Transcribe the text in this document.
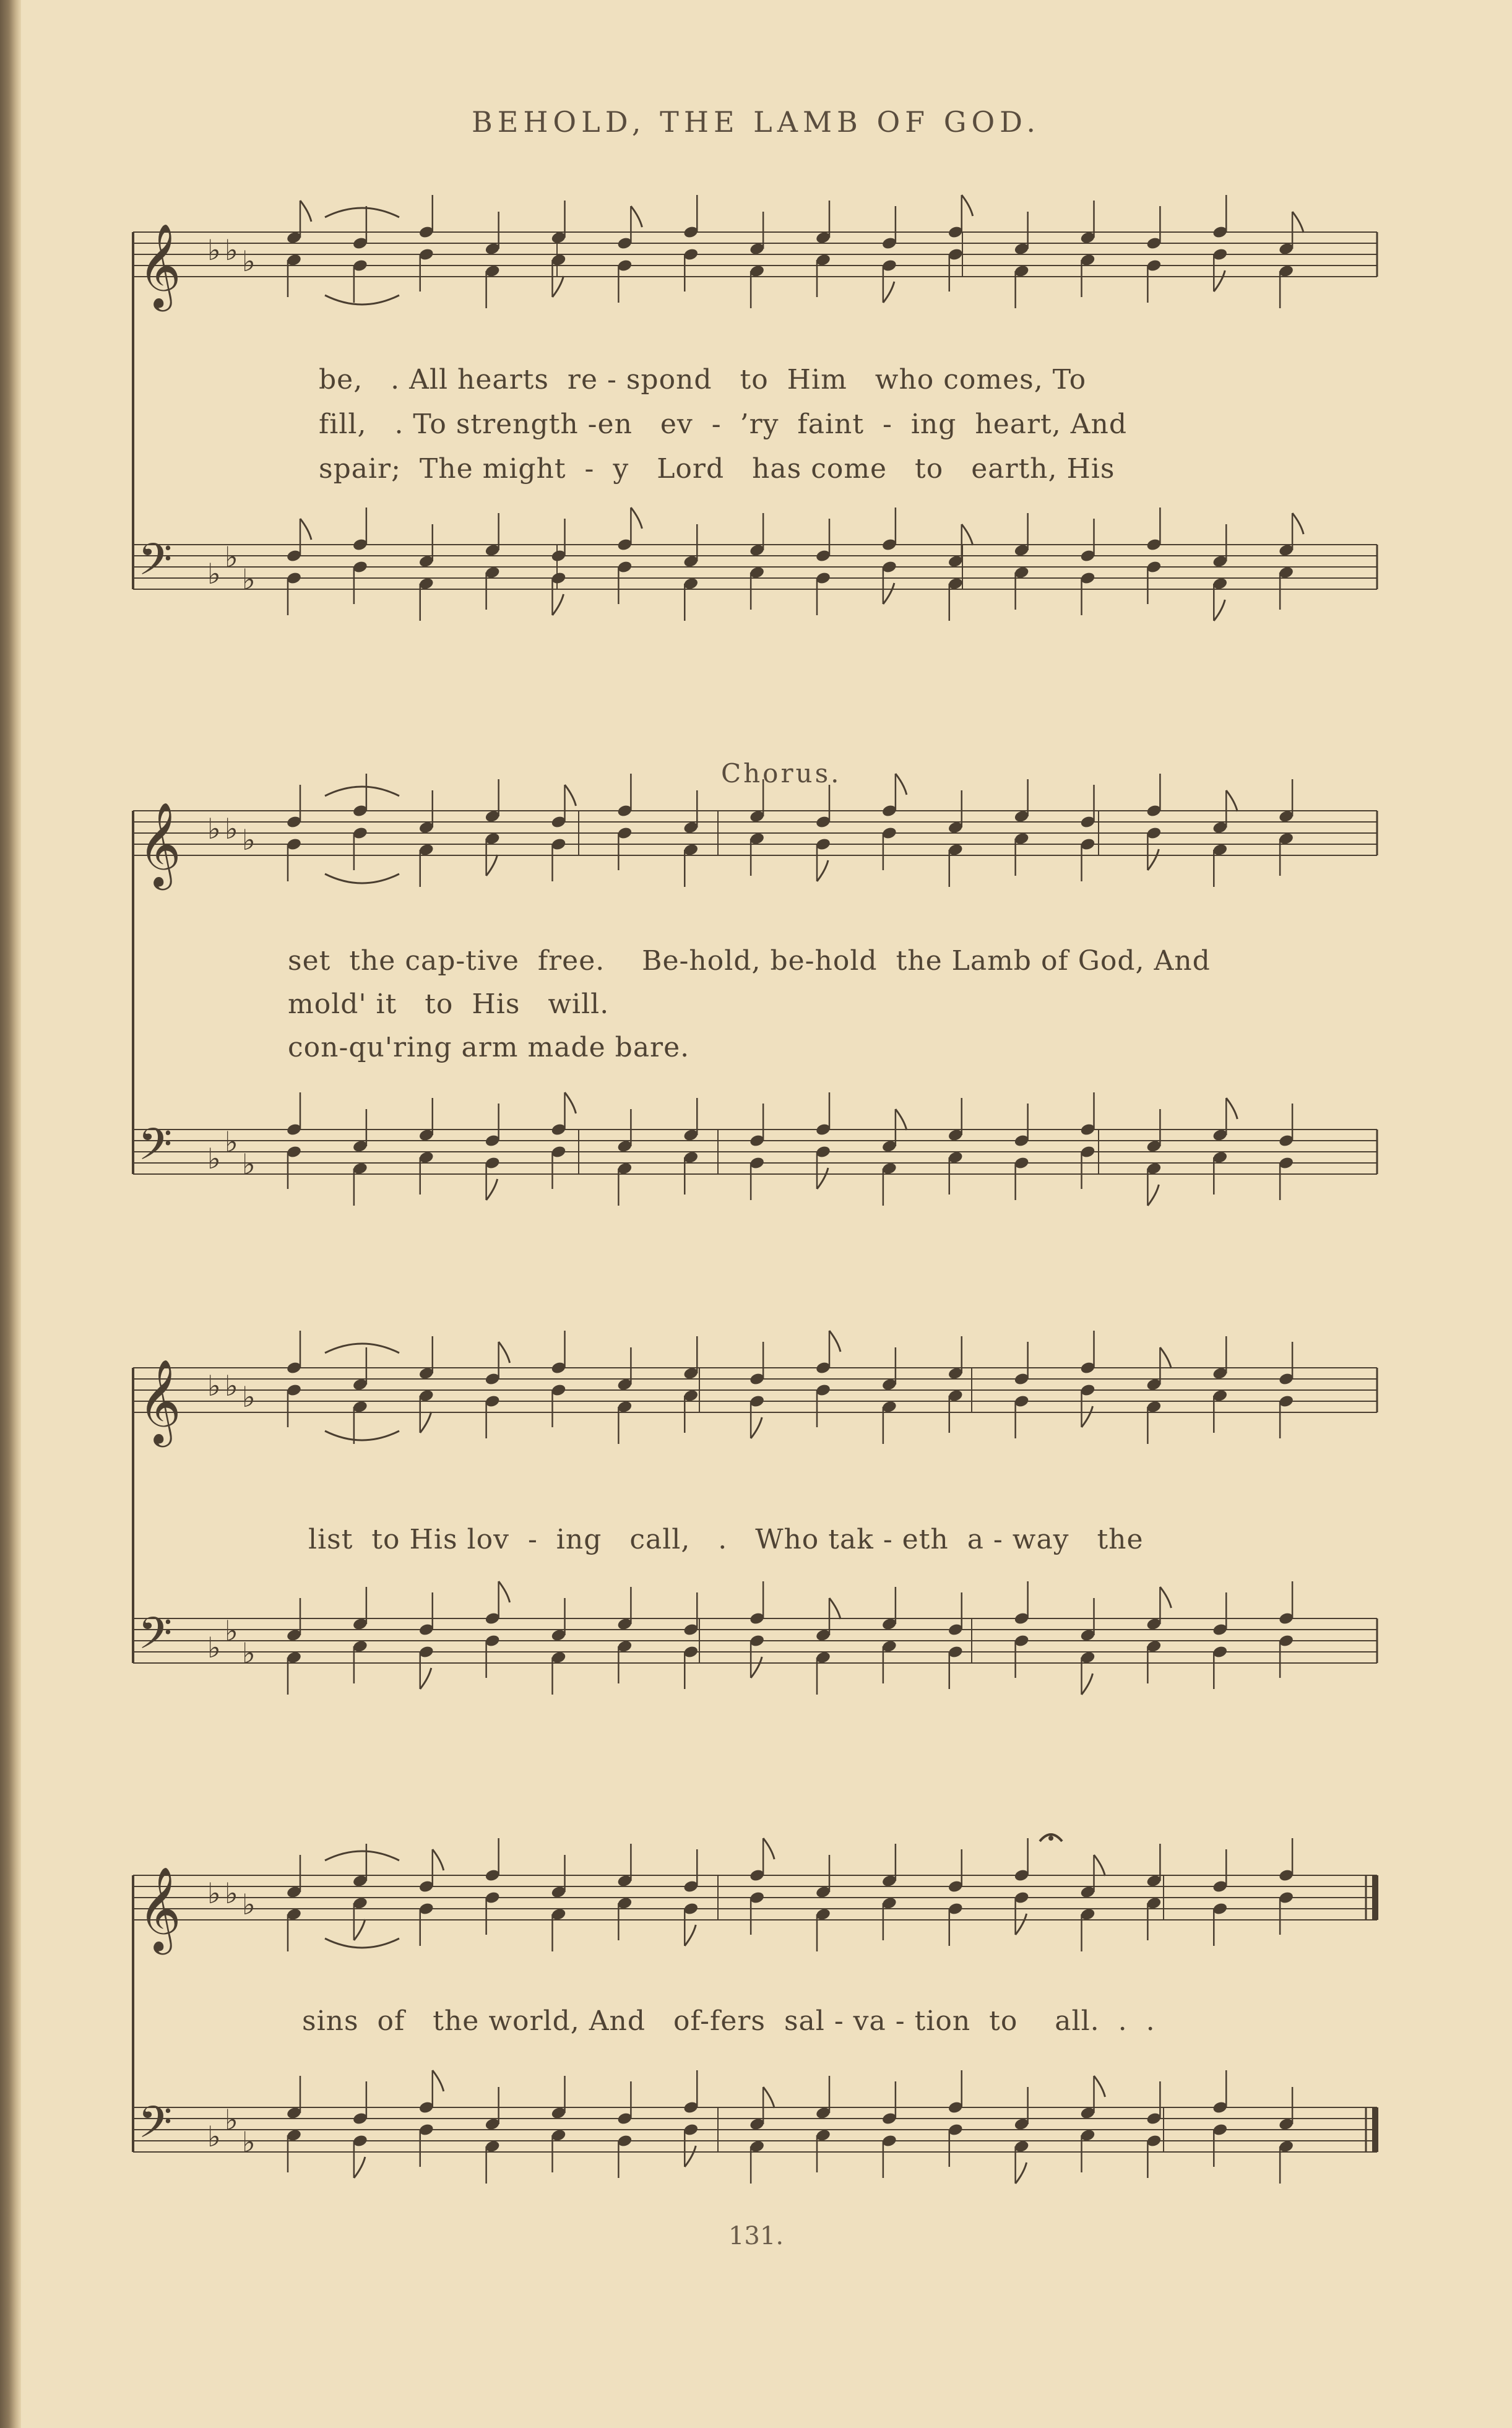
BEHOLD, THE LAMB OF GOD.
𝄞 ♭ ♭ ♭
𝄢 ♭ ♭
♭
𝄞 ♭ ♭ ♭
𝄢 ♭ ♭
♭
𝄞 ♭ ♭ ♭
𝄢 ♭ ♭
♭
𝄞 ♭ ♭ ♭
𝄢 ♭ ♭
♭
Chorus.
be,   . All hearts  re - spond   to  Him   who comes, To
fill,   . To strength -en   ev  -  ’ry  faint  -  ing  heart, And
spair;  The might  -  y   Lord   has come   to   earth, His
set  the cap-tive  free.    Be-hold, be-hold  the Lamb of God, And
mold' it   to  His   will.
con-qu'ring arm made bare.
list  to His lov  -  ing   call,   .   Who tak - eth  a - way   the
sins  of   the world, And   of-fers  sal - va - tion  to    all.  .  .
131.
